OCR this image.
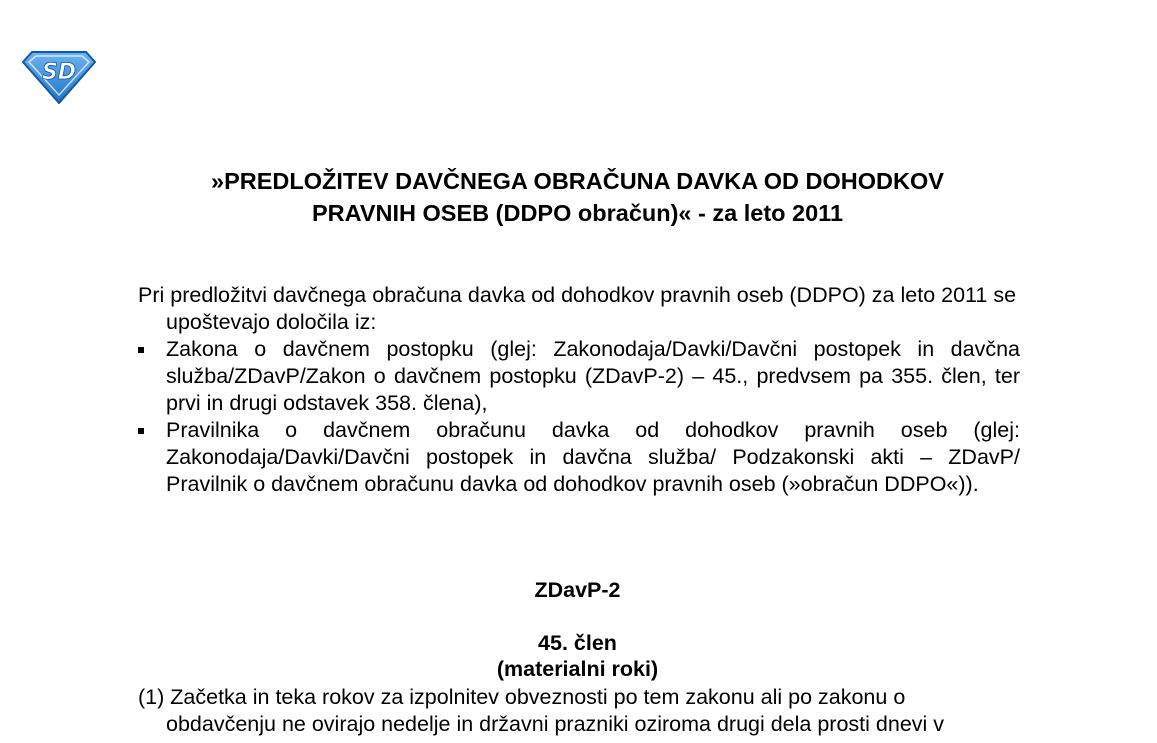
SD
»PREDLOŽITEV DAVČNEGA OBRAČUNA DAVKA OD DOHODKOV
PRAVNIH OSEB (DDPO obračun)« - za leto 2011
Pri predložitvi davčnega obračuna davka od dohodkov pravnih oseb (DDPO) za leto 2011 se upoštevajo določila iz:
Zakona o davčnem postopku (glej: Zakonodaja/Davki/Davčni postopek in davčna služba/ZDavP/Zakon o davčnem postopku (ZDavP-2) – 45., predvsem pa 355. člen, ter prvi in drugi odstavek 358. člena),
Pravilnika o davčnem obračunu davka od dohodkov pravnih oseb (glej: Zakonodaja/Davki/Davčni postopek in davčna služba/ Podzakonski akti – ZDavP/ Pravilnik o davčnem obračunu davka od dohodkov pravnih oseb (»obračun DDPO«)).
ZDavP-2
45. člen
(materialni roki)
(1) Začetka in teka rokov za izpolnitev obveznosti po tem zakonu ali po zakonu o
obdavčenju ne ovirajo nedelje in državni prazniki oziroma drugi dela prosti dnevi v
